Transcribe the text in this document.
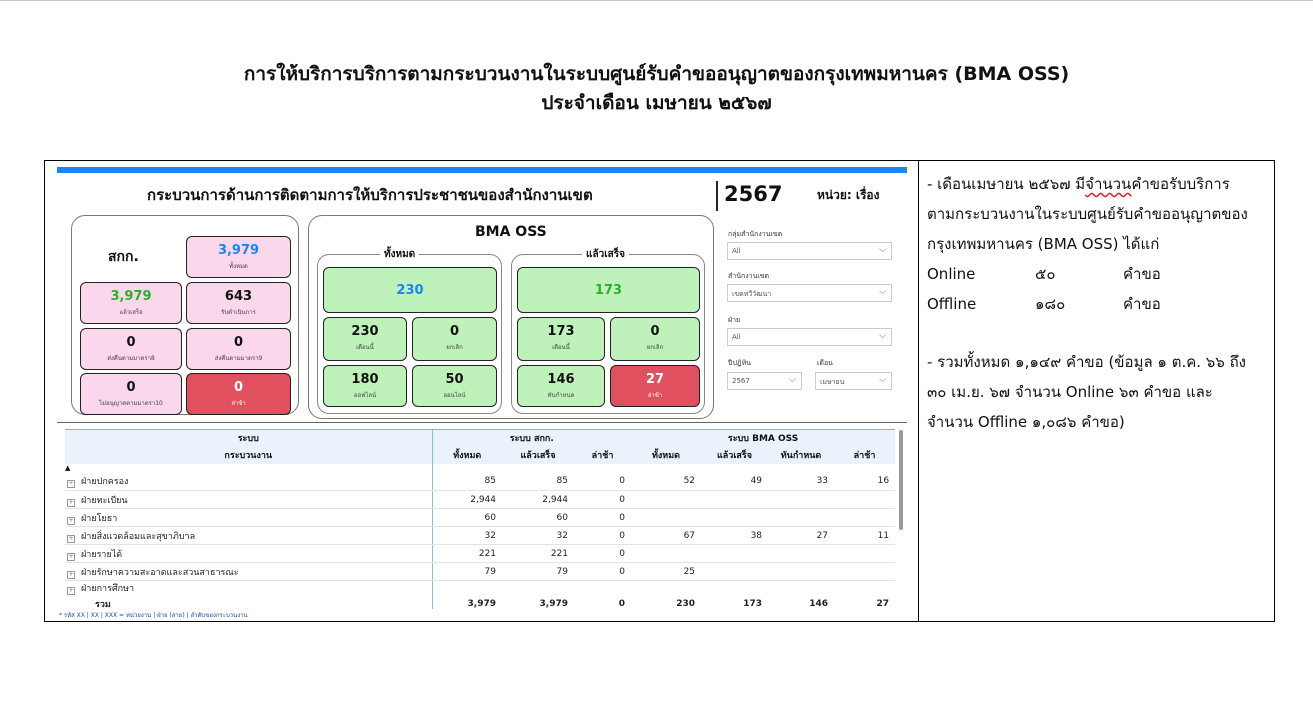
การให้บริการบริการตามกระบวนงานในระบบศูนย์รับคำขออนุญาตของกรุงเทพมหานคร (BMA OSS)
ประจำเดือน เมษายน ๒๕๖๗
กระบวนการด้านการติดตามการให้บริการประชาชนของสำนักงานเขต	2567	หน่วย: เรื่อง
สกก.	3,979
ทั้งหมด
3,979
แล้วเสร็จ
643
รับดำเนินการ
0
ส่งคืนตามมาตรา8
0
ส่งคืนตามมาตรา9
0
ไม่อนุญาตตามมาตรา10
0
ล่าช้า
BMA OSS
ทั้งหมด
230
230
เดือนนี้
0
ยกเลิก
180
ออฟไลน์
50
ออนไลน์
แล้วเสร็จ
173
173
เดือนนี้
0
ยกเลิก
146
ทันกำหนด
27
ล่าช้า
กลุ่มสำนักงานเขต
All	⌵
สำนักงานเขต
เขตทวีวัฒนา	⌵
ฝ่าย
All	⌵
ปีปฏิทิน
2567	⌵
เดือน
เมษายน	⌵
ระบบ	ระบบ สกก.			ระบบ BMA OSS			
กระบวนงาน	ทั้งหมด	แล้วเสร็จ	ล่าช้า	ทั้งหมด	แล้วเสร็จ	ทันกำหนด	ล่าช้า
▲							
+ ฝ่ายปกครอง	85	85	0	52	49	33	16
+ ฝ่ายทะเบียน	2,944	2,944	0				
+ ฝ่ายโยธา	60	60	0				
+ ฝ่ายสิ่งแวดล้อมและสุขาภิบาล	32	32	0	67	38	27	11
+ ฝ่ายรายได้	221	221	0				
+ ฝ่ายรักษาความสะอาดและสวนสาธารณะ	79	79	0	25			
+ ฝ่ายการศึกษา							
รวม	3,979	3,979	0	230	173	146	27
* รหัส XX | XX | XXX = หน่วยงาน | ฝ่าย (สาย) | ลำดับของกระบวนงาน
- เดือนเมษายน ๒๕๖๗ มีจำนวนคำขอรับบริการ
ตามกระบวนงานในระบบศูนย์รับคำขออนุญาตของ
กรุงเทพมหานคร (BMA OSS) ได้แก่
Online	๕๐	คำขอ
Offline	๑๘๐	คำขอ
- รวมทั้งหมด ๑,๑๔๙ คำขอ (ข้อมูล ๑ ต.ค. ๖๖ ถึง
๓๐ เม.ย. ๖๗ จำนวน Online ๖๓ คำขอ และ
จำนวน Offline ๑,๐๘๖ คำขอ)
